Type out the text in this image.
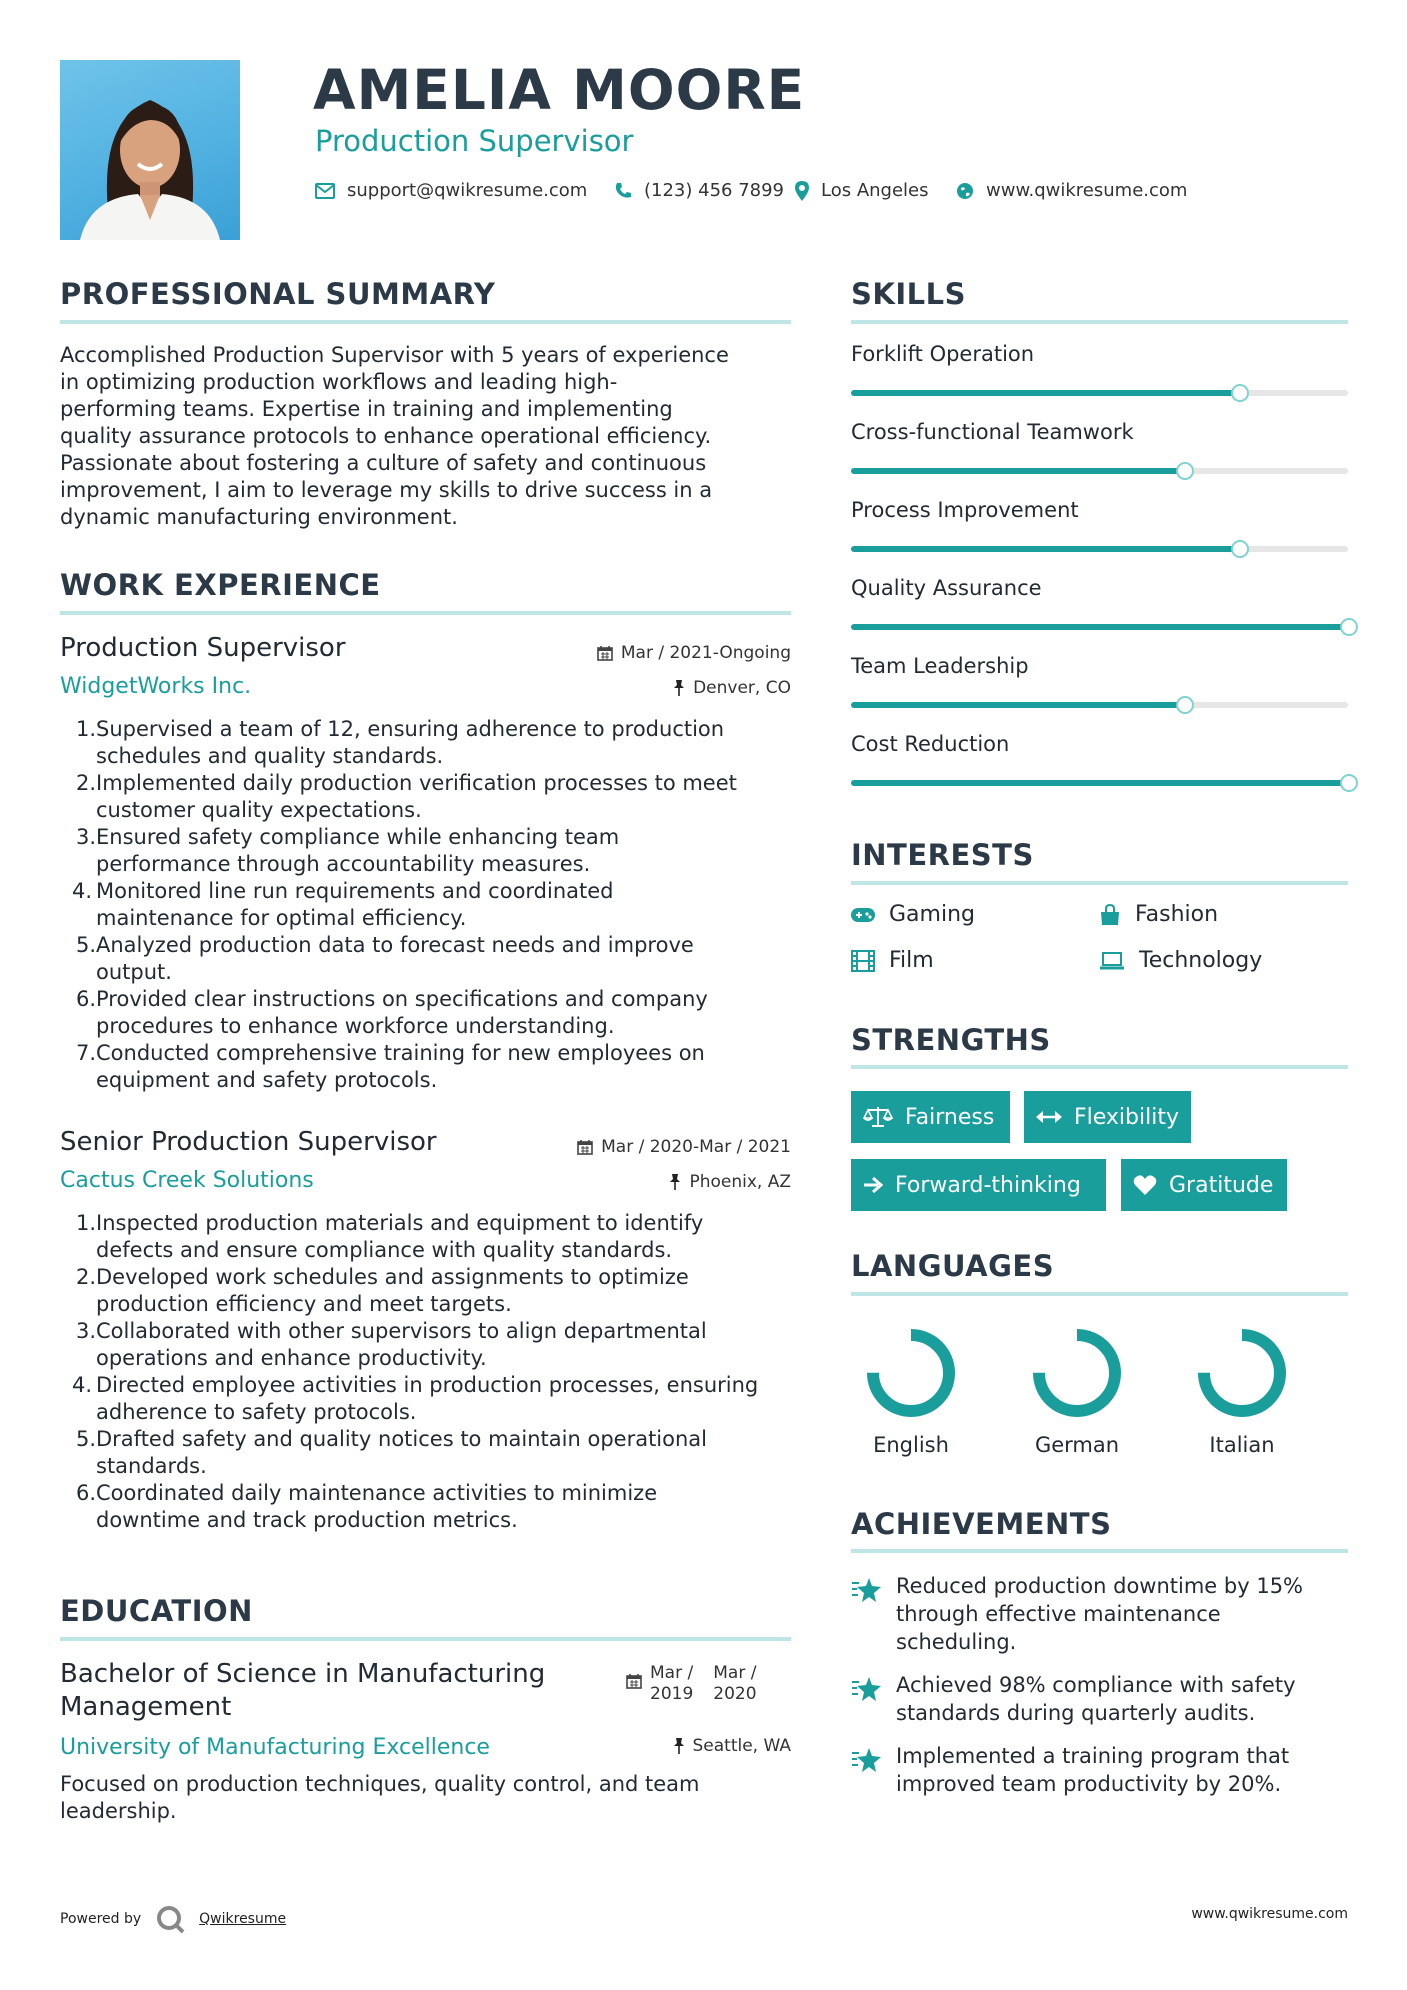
AMELIA MOORE
Production Supervisor
support@qwikresume.com	(123) 456 7899 Los Angeles	www.qwikresume.com
PROFESSIONAL SUMMARY
Accomplished Production Supervisor with 5 years of experience
in optimizing production workflows and leading high-
performing teams. Expertise in training and implementing
quality assurance protocols to enhance operational efficiency.
Passionate about fostering a culture of safety and continuous
improvement, I aim to leverage my skills to drive success in a
dynamic manufacturing environment.
WORK EXPERIENCE
Production Supervisor
WidgetWorks Inc.
Mar / 2021-Ongoing
Denver, CO
1. Supervised a team of 12, ensuring adherence to production
schedules and quality standards.
2. Implemented daily production verification processes to meet
customer quality expectations.
3. Ensured safety compliance while enhancing team
performance through accountability measures.
4. Monitored line run requirements and coordinated
maintenance for optimal efficiency.
5. Analyzed production data to forecast needs and improve
output.
6. Provided clear instructions on specifications and company
procedures to enhance workforce understanding.
7. Conducted comprehensive training for new employees on
equipment and safety protocols.
Senior Production Supervisor
Cactus Creek Solutions
Mar / 2020-Mar / 2021
Phoenix, AZ
1. Inspected production materials and equipment to identify
defects and ensure compliance with quality standards.
2. Developed work schedules and assignments to optimize
production efficiency and meet targets.
3. Collaborated with other supervisors to align departmental
operations and enhance productivity.
4. Directed employee activities in production processes, ensuring
adherence to safety protocols.
5. Drafted safety and quality notices to maintain operational
standards.
6. Coordinated daily maintenance activities to minimize
downtime and track production metrics.
EDUCATION
Bachelor of Science in Manufacturing
Management
Mar /
2019
Mar /
2020
University of Manufacturing Excellence	Seattle, WA
Focused on production techniques, quality control, and team
leadership.
SKILLS
Forklift Operation
Cross-functional Teamwork
Process Improvement
Quality Assurance
Team Leadership
Cost Reduction
INTERESTS
Gaming	Fashion
Film	Technology
STRENGTHS
Fairness	Flexibility
Forward-thinking	Gratitude
LANGUAGES
English	German	Italian
ACHIEVEMENTS
Reduced production downtime by 15%
through effective maintenance
scheduling.
Achieved 98% compliance with safety
standards during quarterly audits.
Implemented a training program that
improved team productivity by 20%.
Powered by	Qwikresume	www.qwikresume.com
